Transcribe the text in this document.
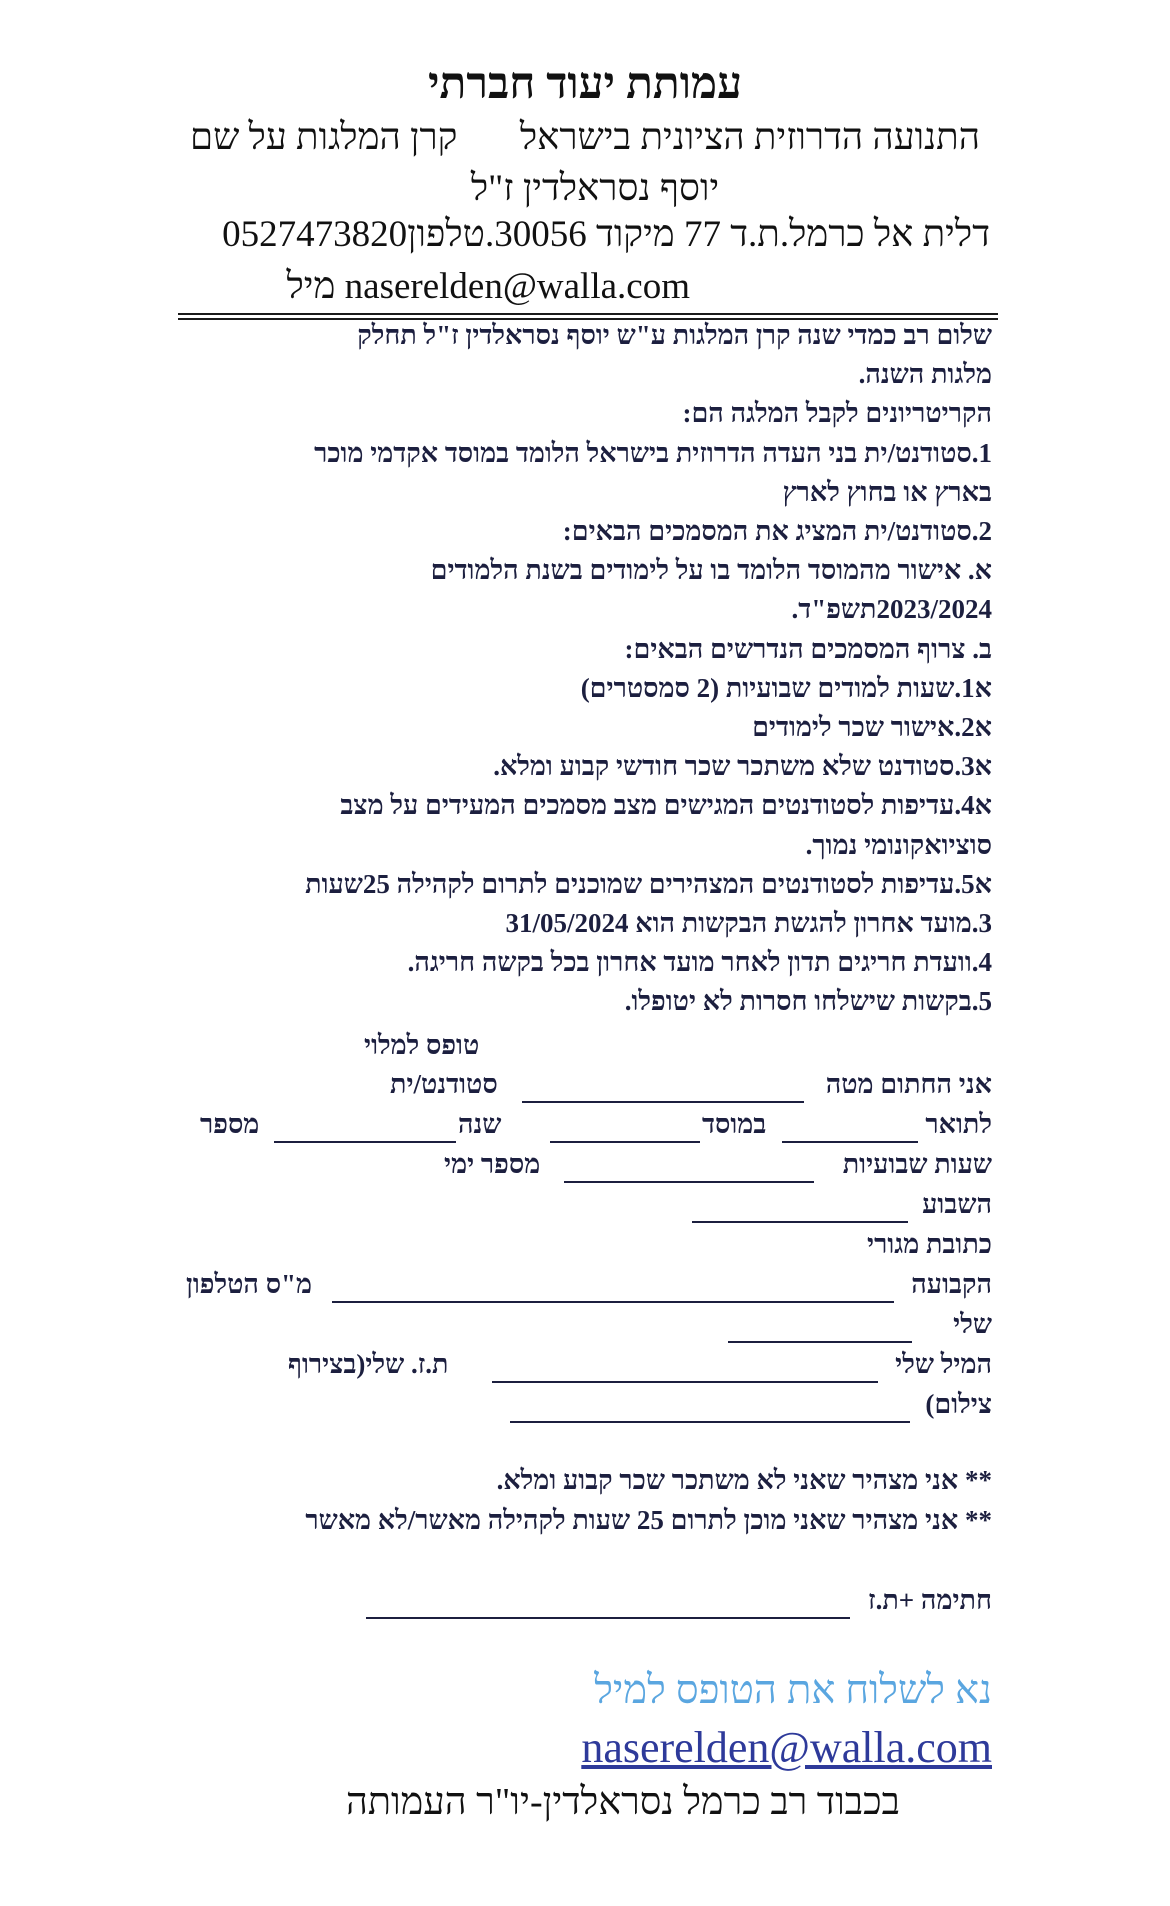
עמותת יעוד חברתי
התנועה הדרוזית הציונית בישראל
קרן המלגות על שם
יוסף נסראלדין ז"ל
דלית אל כרמל.ת.ד 77 מיקוד 30056.טלפון0527473820
naserelden@walla.com מיל

שלום רב כמדי שנה קרן המלגות ע"ש יוסף נסראלדין ז"ל תחלק

מלגות השנה.

הקריטריונים לקבל המלגה הם:

1.סטודנט/ית בני העדה הדרוזית בישראל הלומד במוסד אקדמי מוכר

בארץ או בחוץ לארץ

2.סטודנט/ית המציג את המסמכים הבאים:

א. אישור מהמוסד הלומד בו על לימודים בשנת הלמודים

2023/2024תשפ"ד.

ב. צרוף המסמכים הנדרשים הבאים:

א1.שעות למודים שבועיות (2 סמסטרים)

א2.אישור שכר לימודים

א3.סטודנט שלא משתכר שכר חודשי קבוע ומלא.

א4.עדיפות לסטודנטים המגישים מצב מסמכים המעידים על מצב

סוציואקונומי נמוך.

א5.עדיפות לסטודנטים המצהירים שמוכנים לתרום לקהילה 25שעות

3.מועד אחרון להגשת הבקשות הוא 31/05/2024

4.וועדת חריגים תדון לאחר מועד אחרון בכל בקשה חריגה.

5.בקשות שישלחו חסרות לא יטופלו.

טופס למלוי
אני החתום מטה
סטודנט/ית
לתואר
במוסד
שנה
מספר
שעות שבועיות
מספר ימי
השבוע
כתובת מגורי
הקבועה
מ"ס הטלפון
שלי
המיל שלי
ת.ז. שלי(בצירוף
צילום)
** אני מצהיר שאני לא משתכר שכר קבוע ומלא.
** אני מצהיר שאני מוכן לתרום 25 שעות לקהילה מאשר/לא מאשר
חתימה +ת.ז
נא לשלוח את הטופס למיל
naserelden@walla.com
בכבוד רב כרמל נסראלדין-יו"ר העמותה
